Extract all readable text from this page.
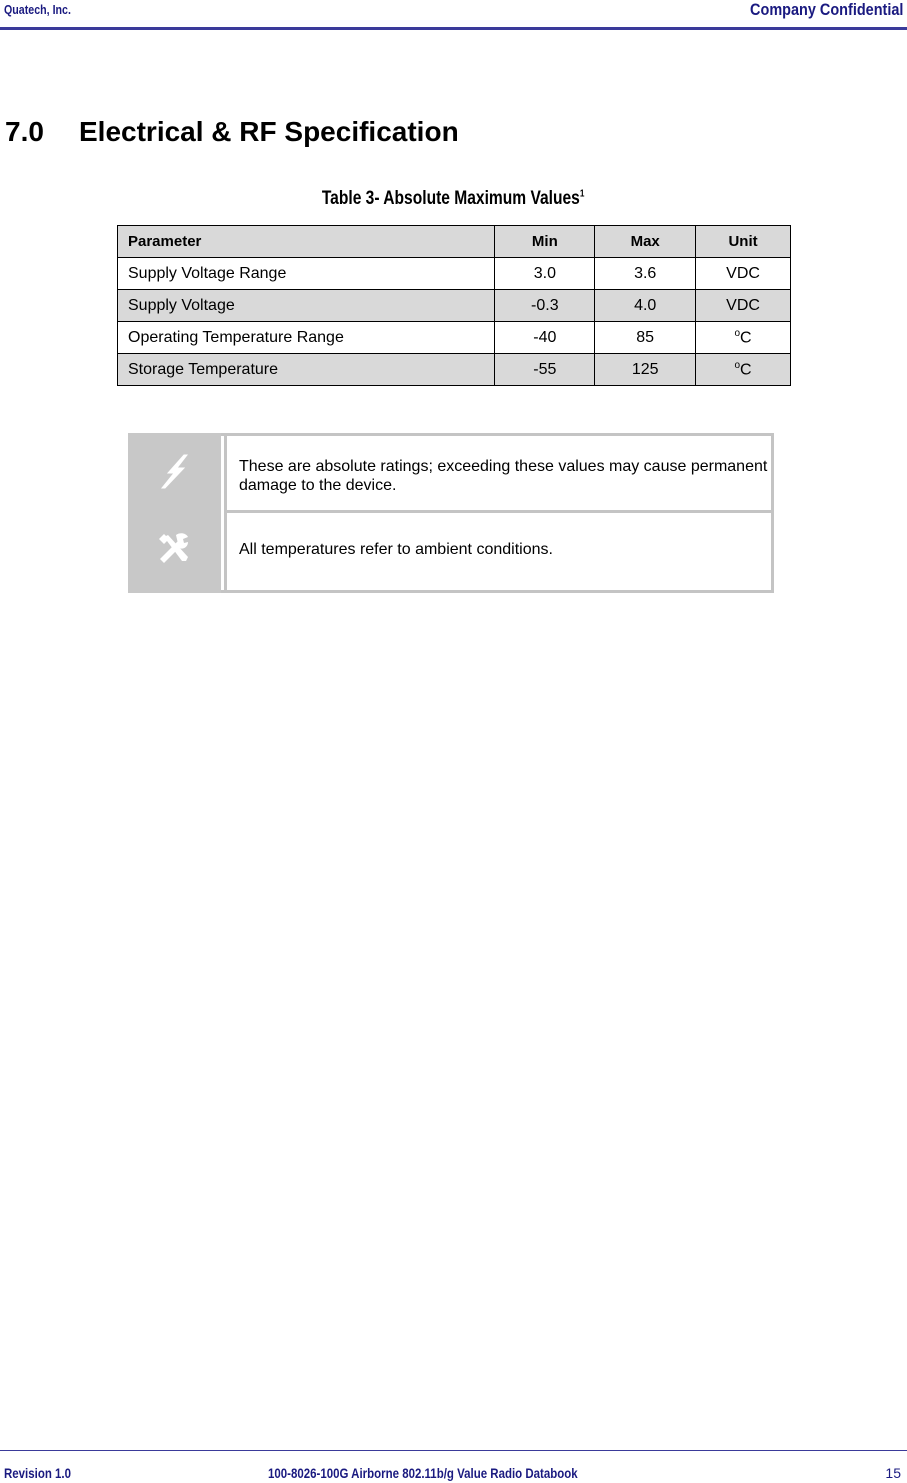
Quatech, Inc.	Company Confidential
7.0 Electrical & RF Specification
Table 3- Absolute Maximum Values$^1$
Parameter	Min	Max	Unit
Supply Voltage Range	3.0	3.6	VDC
Supply Voltage	-0.3	4.0	VDC
Operating Temperature Range	-40	85	$^o$C
Storage Temperature	-55	125	$^o$C
These are absolute ratings; exceeding these values may cause permanent damage to the device.
All temperatures refer to ambient conditions.
Revision 1.0	100-8026-100G Airborne 802.11b/g Value Radio Databook	15
